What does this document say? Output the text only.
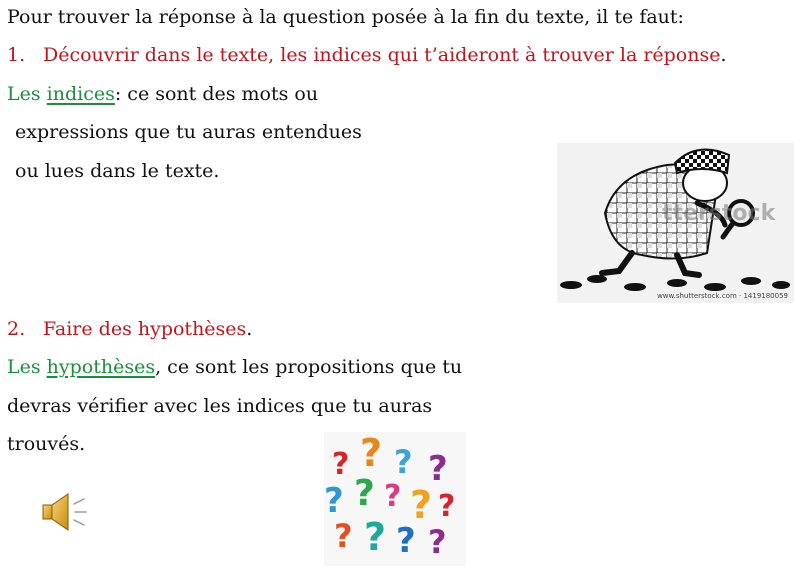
Pour trouver la réponse à la question posée à la fin du texte, il te faut:
1. Découvrir dans le texte, les indices qui t’aideront à trouver la réponse.
Les indices: ce sont des mots ou
expressions que tu auras entendues
ou lues dans le texte.
tterstock
www.shutterstock.com · 1419180059
2. Faire des hypothèses.
Les hypothèses, ce sont les propositions que tu
devras vérifier avec les indices que tu auras
trouvés.	?
? ? ?
? ? ? ? ?
? ? ? ?
